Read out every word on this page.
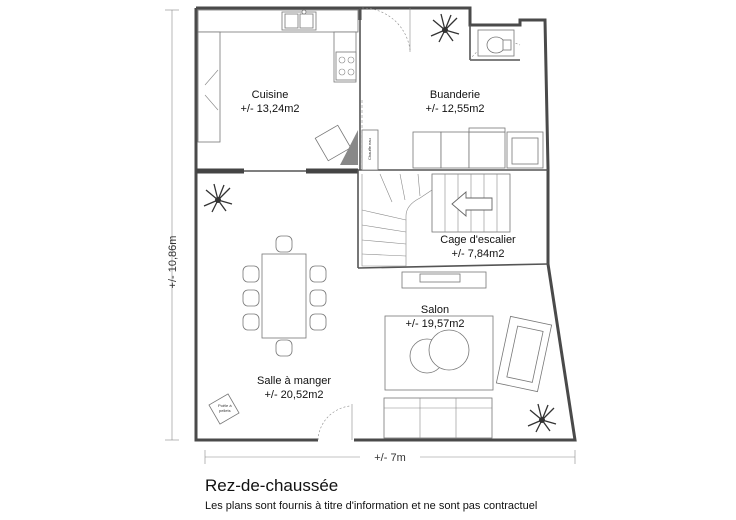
+/- 10,86m
+/- 7m
Chauffe eau
Poêle à
pellets
Cuisine
+/- 13,24m2
Buanderie
+/- 12,55m2
Cage d'escalier
+/- 7,84m2
Salon
+/- 19,57m2
Salle à manger
+/- 20,52m2
Rez-de-chaussée
Les plans sont fournis à titre d'information et ne sont pas contractuel
